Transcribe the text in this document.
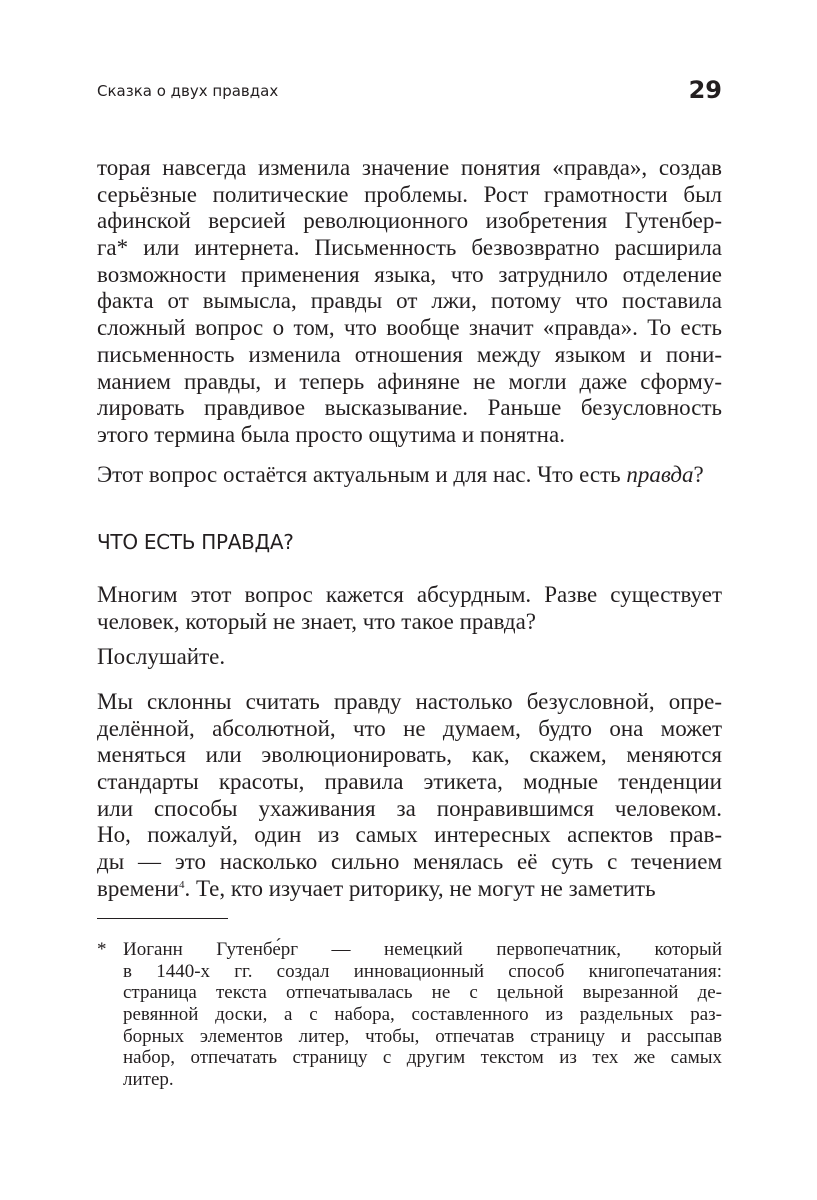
Сказка о двух правдах	29
торая навсегда изменила значение понятия «правда», создав
серьёзные политические проблемы. Рост грамотности был
афинской версией революционного изобретения Гутенбер-
га* или интернета. Письменность безвозвратно расширила
возможности применения языка, что затруднило отделение
факта от вымысла, правды от лжи, потому что поставила
сложный вопрос о том, что вообще значит «правда». То есть
письменность изменила отношения между языком и пони-
манием правды, и теперь афиняне не могли даже сформу-
лировать правдивое высказывание. Раньше безусловность
этого термина была просто ощутима и понятна.
Этот вопрос остаётся актуальным и для нас. Что есть правда?
ЧТО ЕСТЬ ПРАВДА?
Многим этот вопрос кажется абсурдным. Разве существует
человек, который не знает, что такое правда?
Послушайте.
Мы склонны считать правду настолько безусловной, опре-
делённой, абсолютной, что не думаем, будто она может
меняться или эволюционировать, как, скажем, меняются
стандарты красоты, правила этикета, модные тенденции
или способы ухаживания за понравившимся человеком.
Но, пожалуй, один из самых интересных аспектов прав-
ды — это насколько сильно менялась её суть с течением
времени$^4$. Те, кто изучает риторику, не могут не заметить
* Иоганн Гутенбе́рг — немецкий первопечатник, который
в 1440-х гг. создал инновационный способ книгопечатания:
страница текста отпечатывалась не с цельной вырезанной де-
ревянной доски, а с набора, составленного из раздельных раз-
борных элементов литер, чтобы, отпечатав страницу и рассыпав
набор, отпечатать страницу с другим текстом из тех же самых
литер.
